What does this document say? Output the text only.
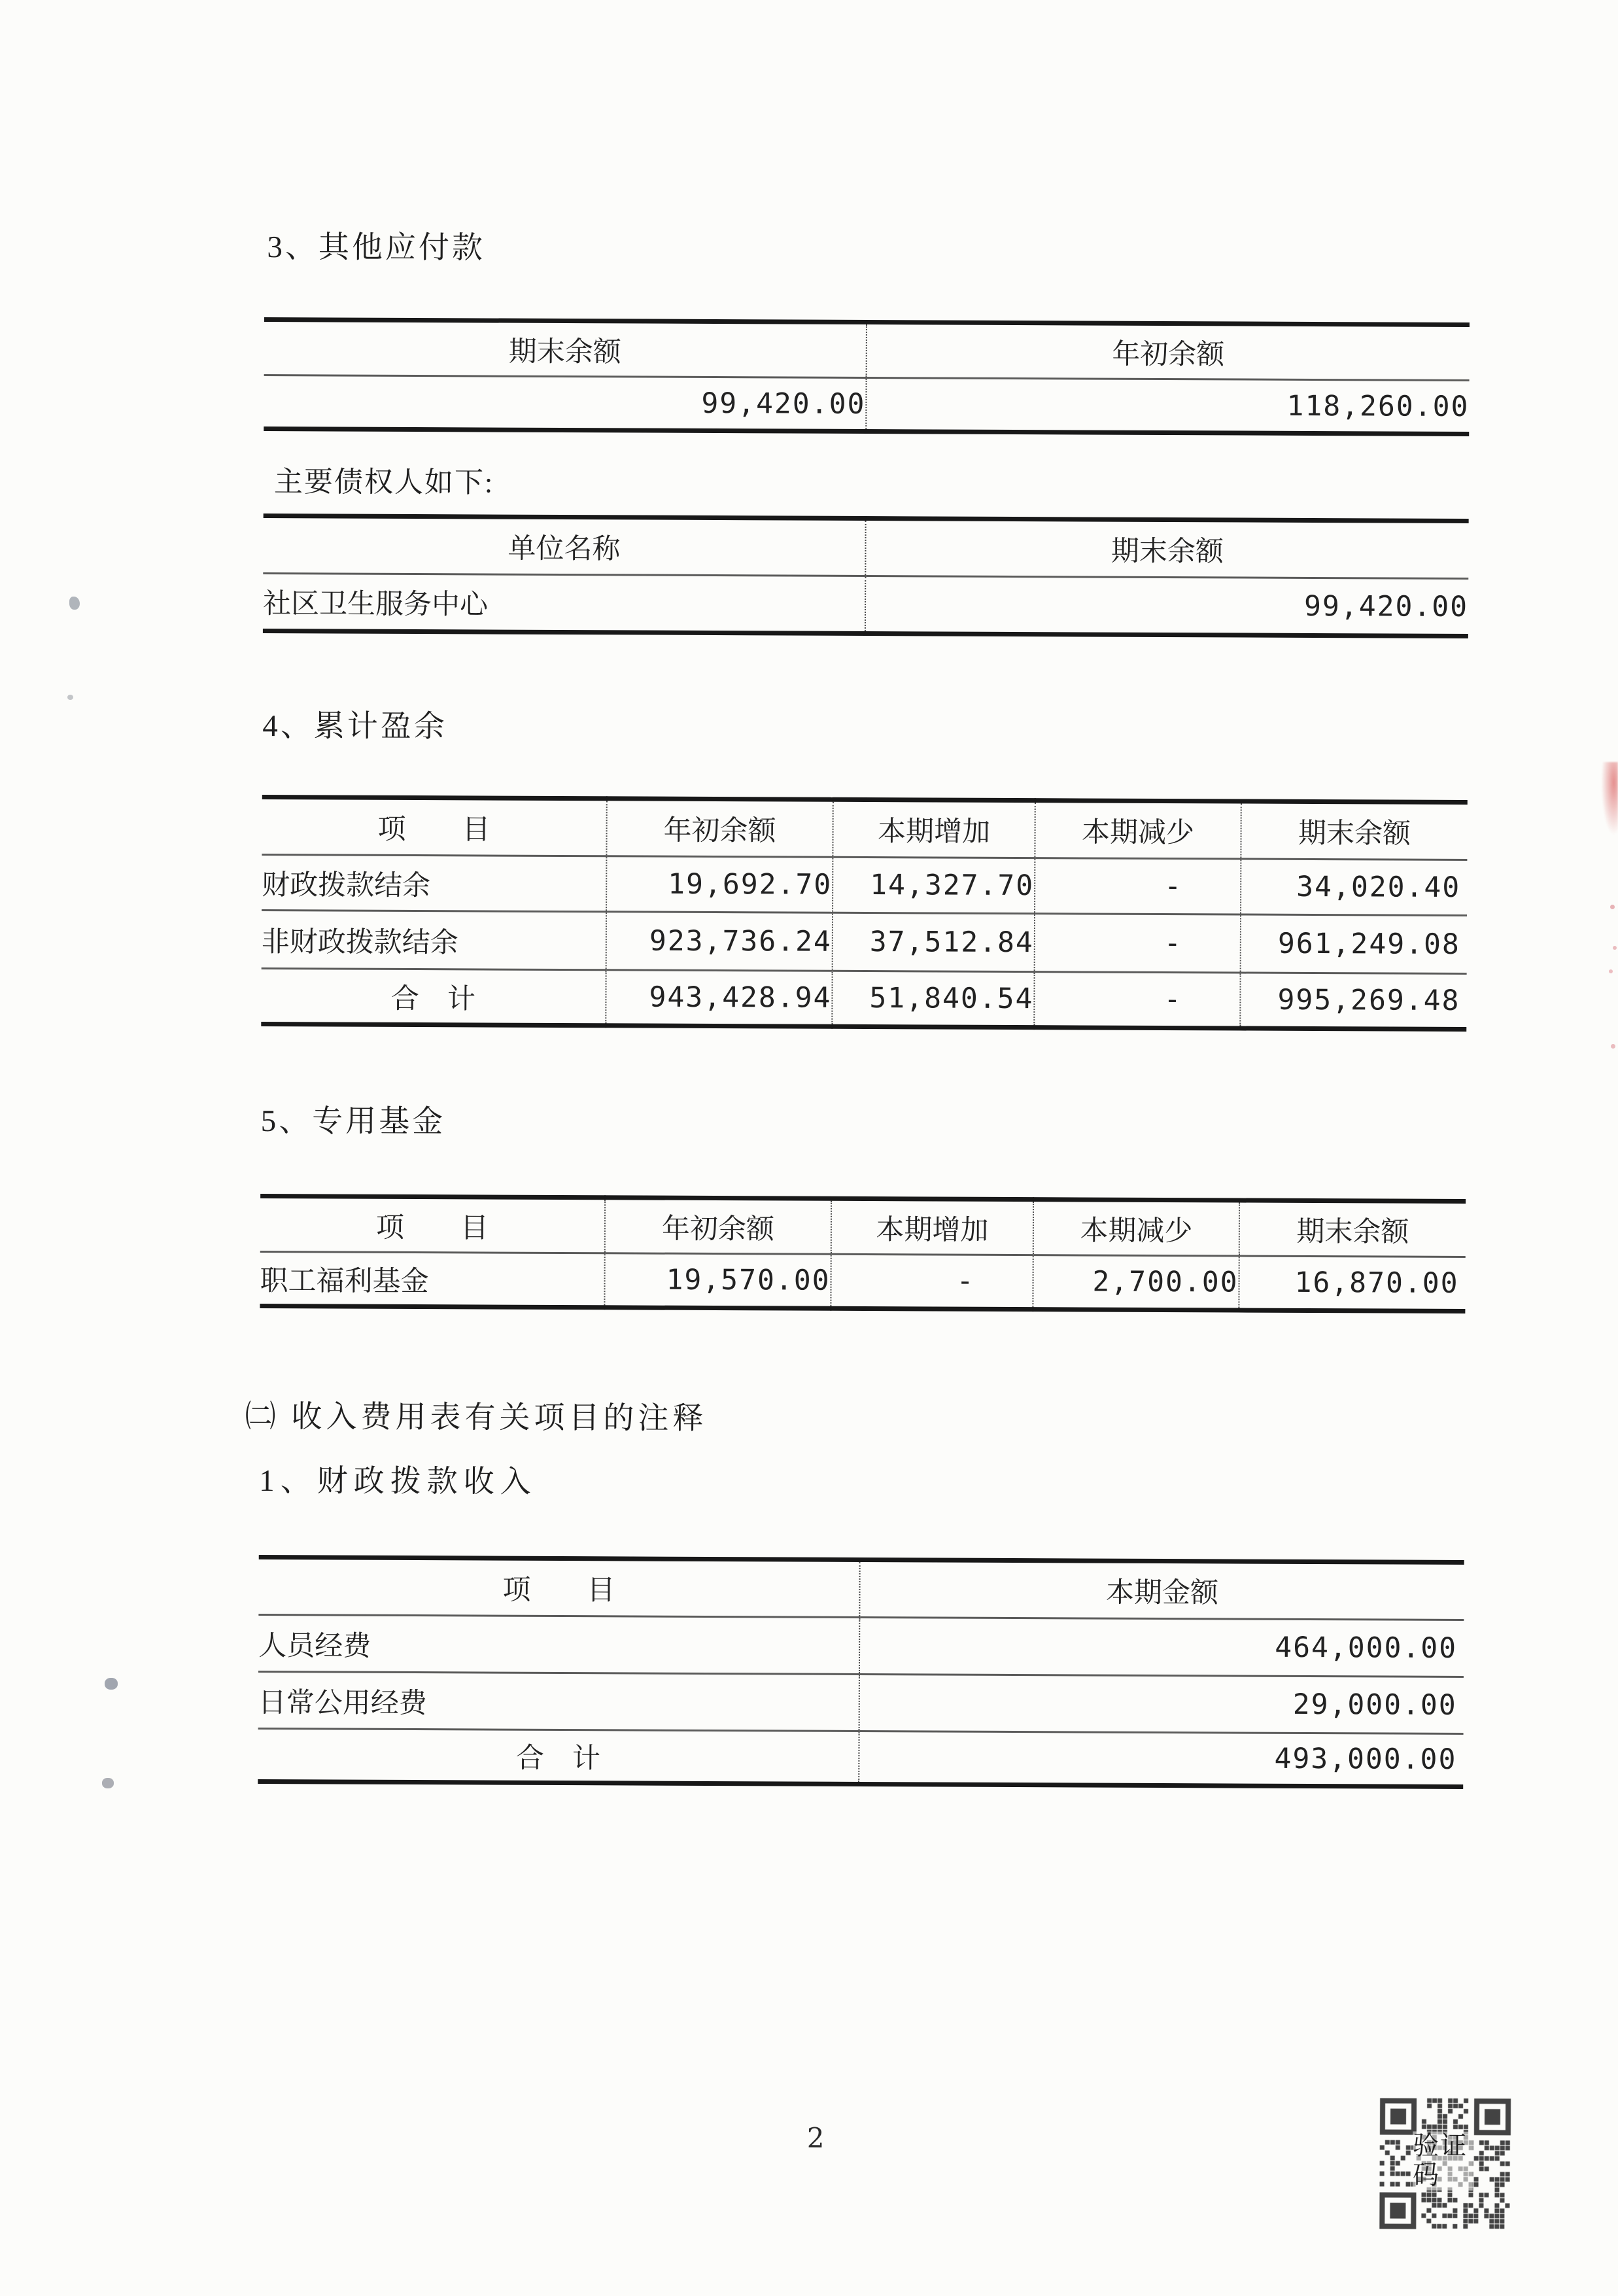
3、其他应付款
期末余额	年初余额
99,420.00	118,260.00
主要债权人如下:
单位名称	期末余额
社区卫生服务中心	99,420.00
4、累计盈余
项　　目	年初余额	本期增加	本期减少	期末余额
财政拨款结余	19,692.70	14,327.70	-	34,020.40
非财政拨款结余	923,736.24	37,512.84	-	961,249.08
合　计	943,428.94	51,840.54	-	995,269.48
5、专用基金
项　　目	年初余额	本期增加	本期减少	期末余额
职工福利基金	19,570.00	-	2,700.00	16,870.00
㈡ 收入费用表有关项目的注释
1、财政拨款收入
项　　目	本期金额
人员经费	464,000.00
日常公用经费	29,000.00
合　计	493,000.00
2	验证码
